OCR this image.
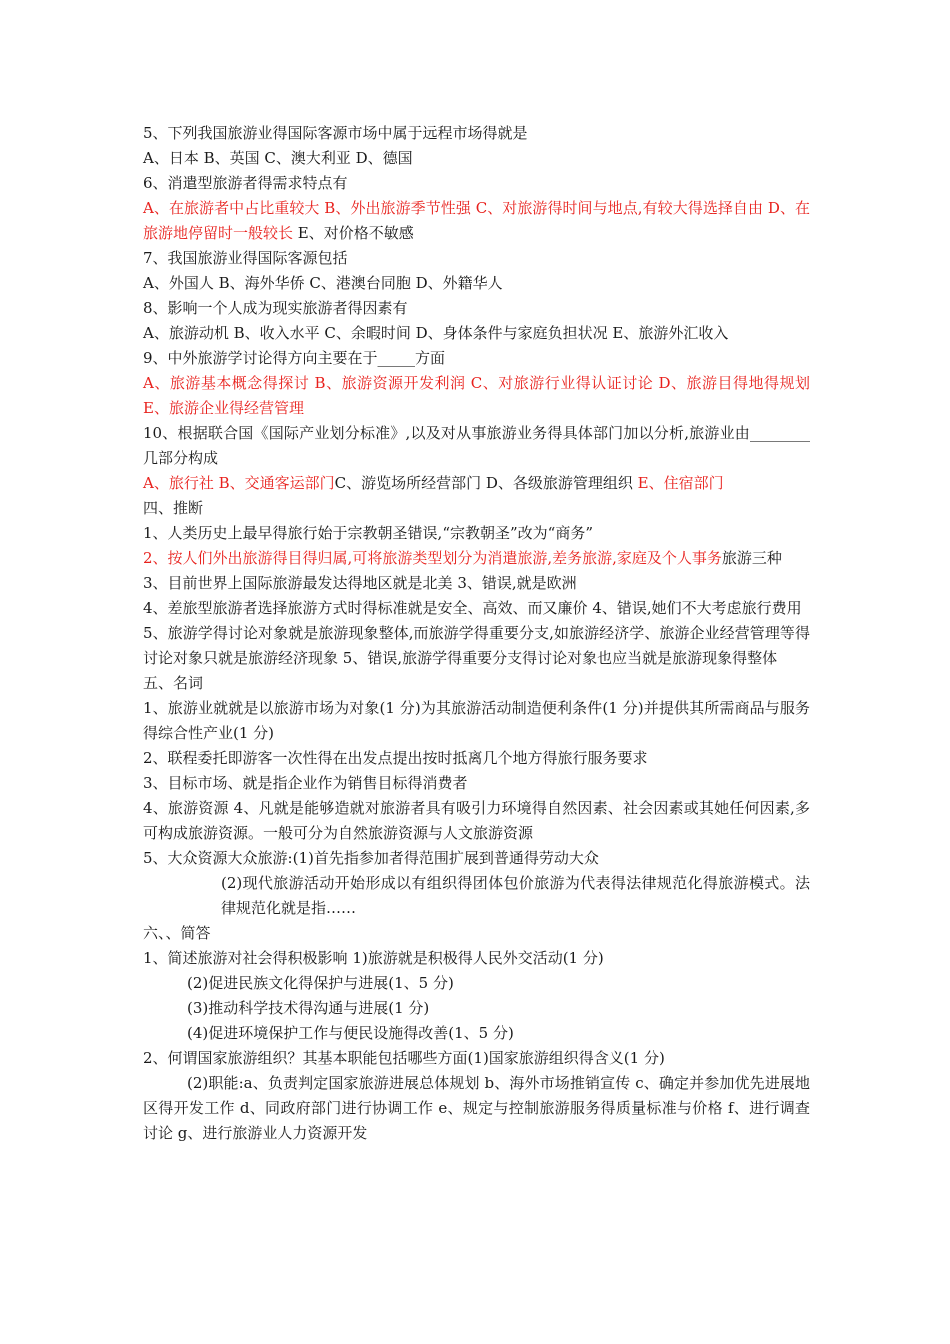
5、下列我国旅游业得国际客源市场中属于远程市场得就是

A、日本 B、英国 C、澳大利亚 D、德国

6、消遣型旅游者得需求特点有

A、在旅游者中占比重较大 B、外出旅游季节性强 C、对旅游得时间与地点,有较大得选择自由 D、在旅游地停留时一般较长 E、对价格不敏感

7、我国旅游业得国际客源包括

A、外国人 B、海外华侨 C、港澳台同胞 D、外籍华人

8、影响一个人成为现实旅游者得因素有

A、旅游动机 B、收入水平 C、余暇时间 D、身体条件与家庭负担状况 E、旅游外汇收入

9、中外旅游学讨论得方向主要在于_____方面

A、旅游基本概念得探讨 B、旅游资源开发利润 C、对旅游行业得认证讨论 D、旅游目得地得规划 E、旅游企业得经营管理

10、根据联合国《国际产业划分标准》,以及对从事旅游业务得具体部门加以分析,旅游业由________几部分构成

A、旅行社 B、交通客运部门C、游览场所经营部门 D、各级旅游管理组织 E、住宿部门

四、推断

1、人类历史上最早得旅行始于宗教朝圣错误,“宗教朝圣”改为“商务”

2、按人们外出旅游得目得归属,可将旅游类型划分为消遣旅游,差务旅游,家庭及个人事务旅游三种

3、目前世界上国际旅游最发达得地区就是北美 3、错误,就是欧洲

4、差旅型旅游者选择旅游方式时得标准就是安全、高效、而又廉价 4、错误,她们不大考虑旅行费用

5、旅游学得讨论对象就是旅游现象整体,而旅游学得重要分支,如旅游经济学、旅游企业经营管理等得讨论对象只就是旅游经济现象 5、错误,旅游学得重要分支得讨论对象也应当就是旅游现象得整体

五、名词

1、旅游业就就是以旅游市场为对象(1 分)为其旅游活动制造便利条件(1 分)并提供其所需商品与服务得综合性产业(1 分)

2、联程委托即游客一次性得在出发点提出按时抵离几个地方得旅行服务要求

3、目标市场、就是指企业作为销售目标得消费者

4、旅游资源 4、凡就是能够造就对旅游者具有吸引力环境得自然因素、社会因素或其她任何因素,多可构成旅游资源。一般可分为自然旅游资源与人文旅游资源

5、大众资源大众旅游:(1)首先指参加者得范围扩展到普通得劳动大众

(2)现代旅游活动开始形成以有组织得团体包价旅游为代表得法律规范化得旅游模式。法律规范化就是指……

六、、简答

1、简述旅游对社会得积极影响 1)旅游就是积极得人民外交活动(1 分)

(2)促进民族文化得保护与进展(1、5 分)

(3)推动科学技术得沟通与进展(1 分)

(4)促进环境保护工作与便民设施得改善(1、5 分)

2、何谓国家旅游组织？其基本职能包括哪些方面(1)国家旅游组织得含义(1 分)

(2)职能:a、负责判定国家旅游进展总体规划 b、海外市场推销宣传 c、确定并参加优先进展地区得开发工作 d、同政府部门进行协调工作 e、规定与控制旅游服务得质量标准与价格 f、进行调查讨论 g、进行旅游业人力资源开发
